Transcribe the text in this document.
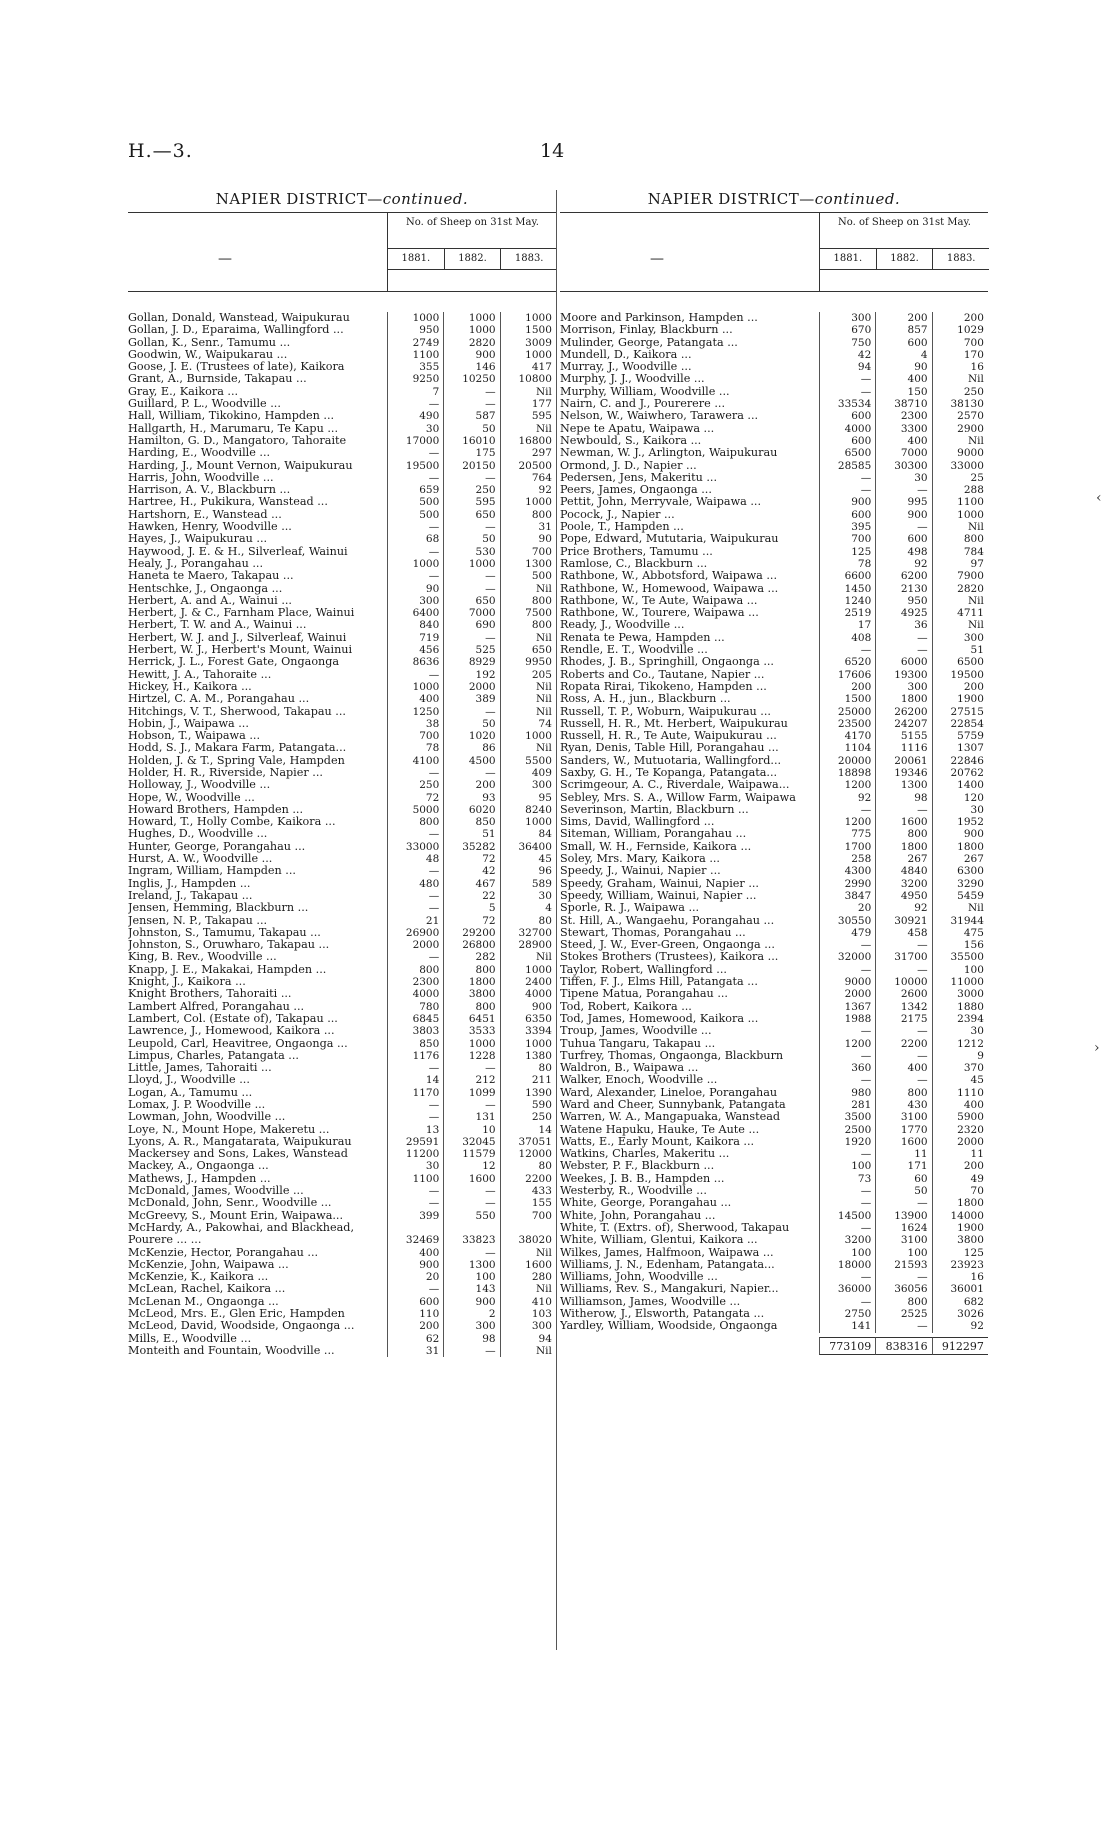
H.—3.	14
NAPIER DISTRICT—continued.
—
No. of Sheep on 31st May.
1881.	1882.	1883.
Gollan, Donald, Wanstead, Waipukurau	1000	1000	1000
Gollan, J. D., Eparaima, Wallingford ...	950	1000	1500
Gollan, K., Senr., Tamumu ...	2749	2820	3009
Goodwin, W., Waipukarau ...	1100	900	1000
Goose, J. E. (Trustees of late), Kaikora	355	146	417
Grant, A., Burnside, Takapau ...	9250	10250	10800
Gray, E., Kaikora ...	7	—	Nil
Guillard, P. L., Woodville ...	—	—	177
Hall, William, Tikokino, Hampden ...	490	587	595
Hallgarth, H., Marumaru, Te Kapu ...	30	50	Nil
Hamilton, G. D., Mangatoro, Tahoraite	17000	16010	16800
Harding, E., Woodville ...	—	175	297
Harding, J., Mount Vernon, Waipukurau	19500	20150	20500
Harris, John, Woodville ...	—	—	764
Harrison, A. V., Blackburn ...	659	250	92
Hartree, H., Pukikura, Wanstead ...	500	595	1000
Hartshorn, E., Wanstead ...	500	650	800
Hawken, Henry, Woodville ...	—	—	31
Hayes, J., Waipukurau ...	68	50	90
Haywood, J. E. & H., Silverleaf, Wainui	—	530	700
Healy, J., Porangahau ...	1000	1000	1300
Haneta te Maero, Takapau ...	—	—	500
Hentschke, J., Ongaonga ...	90	—	Nil
Herbert, A. and A., Wainui ...	300	650	800
Herbert, J. & C., Farnham Place, Wainui	6400	7000	7500
Herbert, T. W. and A., Wainui ...	840	690	800
Herbert, W. J. and J., Silverleaf, Wainui	719	—	Nil
Herbert, W. J., Herbert's Mount, Wainui	456	525	650
Herrick, J. L., Forest Gate, Ongaonga	8636	8929	9950
Hewitt, J. A., Tahoraite ...	—	192	205
Hickey, H., Kaikora ...	1000	2000	Nil
Hirtzel, C. A. M., Porangahau ...	400	389	Nil
Hitchings, V. T., Sherwood, Takapau ...	1250	—	Nil
Hobin, J., Waipawa ...	38	50	74
Hobson, T., Waipawa ...	700	1020	1000
Hodd, S. J., Makara Farm, Patangata...	78	86	Nil
Holden, J. & T., Spring Vale, Hampden	4100	4500	5500
Holder, H. R., Riverside, Napier ...	—	—	409
Holloway, J., Woodville ...	250	200	300
Hope, W., Woodville ...	72	93	95
Howard Brothers, Hampden ...	5000	6020	8240
Howard, T., Holly Combe, Kaikora ...	800	850	1000
Hughes, D., Woodville ...	—	51	84
Hunter, George, Porangahau ...	33000	35282	36400
Hurst, A. W., Woodville ...	48	72	45
Ingram, William, Hampden ...	—	42	96
Inglis, J., Hampden ...	480	467	589
Ireland, J., Takapau ...	—	22	30
Jensen, Hemming, Blackburn ...	—	5	4
Jensen, N. P., Takapau ...	21	72	80
Johnston, S., Tamumu, Takapau ...	26900	29200	32700
Johnston, S., Oruwharo, Takapau ...	2000	26800	28900
King, B. Rev., Woodville ...	—	282	Nil
Knapp, J. E., Makakai, Hampden ...	800	800	1000
Knight, J., Kaikora ...	2300	1800	2400
Knight Brothers, Tahoraiti ...	4000	3800	4000
Lambert Alfred, Porangahau ...	780	800	900
Lambert, Col. (Estate of), Takapau ...	6845	6451	6350
Lawrence, J., Homewood, Kaikora ...	3803	3533	3394
Leupold, Carl, Heavitree, Ongaonga ...	850	1000	1000
Limpus, Charles, Patangata ...	1176	1228	1380
Little, James, Tahoraiti ...	—	—	80
Lloyd, J., Woodville ...	14	212	211
Logan, A., Tamumu ...	1170	1099	1390
Lomax, J. P. Woodville ...	—	—	590
Lowman, John, Woodville ...	—	131	250
Loye, N., Mount Hope, Makeretu ...	13	10	14
Lyons, A. R., Mangatarata, Waipukurau	29591	32045	37051
Mackersey and Sons, Lakes, Wanstead	11200	11579	12000
Mackey, A., Ongaonga ...	30	12	80
Mathews, J., Hampden ...	1100	1600	2200
McDonald, James, Woodville ...	—	—	433
McDonald, John, Senr., Woodville ...	—	—	155
McGreevy, S., Mount Erin, Waipawa...	399	550	700
McHardy, A., Pakowhai, and Blackhead,
Pourere ... ...	32469	33823	38020
McKenzie, Hector, Porangahau ...	400	—	Nil
McKenzie, John, Waipawa ...	900	1300	1600
McKenzie, K., Kaikora ...	20	100	280
McLean, Rachel, Kaikora ...	—	143	Nil
McLenan M., Ongaonga ...	600	900	410
McLeod, Mrs. E., Glen Eric, Hampden	110	2	103
McLeod, David, Woodside, Ongaonga ...	200	300	300
Mills, E., Woodville ...	62	98	94
Monteith and Fountain, Woodville ...	31	—	Nil
NAPIER DISTRICT—continued.
—
No. of Sheep on 31st May.
1881.	1882.	1883.
Moore and Parkinson, Hampden ...	300	200	200
Morrison, Finlay, Blackburn ...	670	857	1029
Mulinder, George, Patangata ...	750	600	700
Mundell, D., Kaikora ...	42	4	170
Murray, J., Woodville ...	94	90	16
Murphy, J. J., Woodville ...	—	400	Nil
Murphy, William, Woodville ...	—	150	250
Nairn, C. and J., Pourerere ...	33534	38710	38130
Nelson, W., Waiwhero, Tarawera ...	600	2300	2570
Nepe te Apatu, Waipawa ...	4000	3300	2900
Newbould, S., Kaikora ...	600	400	Nil
Newman, W. J., Arlington, Waipukurau	6500	7000	9000
Ormond, J. D., Napier ...	28585	30300	33000
Pedersen, Jens, Makeritu ...	—	30	25
Peers, James, Ongaonga ...	—	—	288
Pettit, John, Merryvale, Waipawa ...	900	995	1100
Pocock, J., Napier ...	600	900	1000
Poole, T., Hampden ...	395	—	Nil
Pope, Edward, Mututaria, Waipukurau	700	600	800
Price Brothers, Tamumu ...	125	498	784
Ramlose, C., Blackburn ...	78	92	97
Rathbone, W., Abbotsford, Waipawa ...	6600	6200	7900
Rathbone, W., Homewood, Waipawa ...	1450	2130	2820
Rathbone, W., Te Aute, Waipawa ...	1240	950	Nil
Rathbone, W., Tourere, Waipawa ...	2519	4925	4711
Ready, J., Woodville ...	17	36	Nil
Renata te Pewa, Hampden ...	408	—	300
Rendle, E. T., Woodville ...	—	—	51
Rhodes, J. B., Springhill, Ongaonga ...	6520	6000	6500
Roberts and Co., Tautane, Napier ...	17606	19300	19500
Ropata Rirai, Tikokeno, Hampden ...	200	300	200
Ross, A. H., jun., Blackburn ...	1500	1800	1900
Russell, T. P., Woburn, Waipukurau ...	25000	26200	27515
Russell, H. R., Mt. Herbert, Waipukurau	23500	24207	22854
Russell, H. R., Te Aute, Waipukurau ...	4170	5155	5759
Ryan, Denis, Table Hill, Porangahau ...	1104	1116	1307
Sanders, W., Mutuotaria, Wallingford...	20000	20061	22846
Saxby, G. H., Te Kopanga, Patangata...	18898	19346	20762
Scrimgeour, A. C., Riverdale, Waipawa...	1200	1300	1400
Sebley, Mrs. S. A., Willow Farm, Waipawa	92	98	120
Severinson, Martin, Blackburn ...	—	—	30
Sims, David, Wallingford ...	1200	1600	1952
Siteman, William, Porangahau ...	775	800	900
Small, W. H., Fernside, Kaikora ...	1700	1800	1800
Soley, Mrs. Mary, Kaikora ...	258	267	267
Speedy, J., Wainui, Napier ...	4300	4840	6300
Speedy, Graham, Wainui, Napier ...	2990	3200	3290
Speedy, William, Wainui, Napier ...	3847	4950	5459
Sporle, R. J., Waipawa ...	20	92	Nil
St. Hill, A., Wangaehu, Porangahau ...	30550	30921	31944
Stewart, Thomas, Porangahau ...	479	458	475
Steed, J. W., Ever-Green, Ongaonga ...	—	—	156
Stokes Brothers (Trustees), Kaikora ...	32000	31700	35500
Taylor, Robert, Wallingford ...	—	—	100
Tiffen, F. J., Elms Hill, Patangata ...	9000	10000	11000
Tipene Matua, Porangahau ...	2000	2600	3000
Tod, Robert, Kaikora ...	1367	1342	1880
Tod, James, Homewood, Kaikora ...	1988	2175	2394
Troup, James, Woodville ...	—	—	30
Tuhua Tangaru, Takapau ...	1200	2200	1212
Turfrey, Thomas, Ongaonga, Blackburn	—	—	9
Waldron, B., Waipawa ...	360	400	370
Walker, Enoch, Woodville ...	—	—	45
Ward, Alexander, Lineloe, Porangahau	980	800	1110
Ward and Cheer, Sunnybank, Patangata	281	430	400
Warren, W. A., Mangapuaka, Wanstead	3500	3100	5900
Watene Hapuku, Hauke, Te Aute ...	2500	1770	2320
Watts, E., Early Mount, Kaikora ...	1920	1600	2000
Watkins, Charles, Makeritu ...	—	11	11
Webster, P. F., Blackburn ...	100	171	200
Weekes, J. B. B., Hampden ...	73	60	49
Westerby, R., Woodville ...	—	50	70
White, George, Porangahau ...	—	—	1800
White, John, Porangahau ...	14500	13900	14000
White, T. (Extrs. of), Sherwood, Takapau	—	1624	1900
White, William, Glentui, Kaikora ...	3200	3100	3800
Wilkes, James, Halfmoon, Waipawa ...	100	100	125
Williams, J. N., Edenham, Patangata...	18000	21593	23923
Williams, John, Woodville ...	—	—	16
Williams, Rev. S., Mangakuri, Napier...	36000	36056	36001
Williamson, James, Woodville ...	—	800	682
Witherow, J., Elsworth, Patangata ...	2750	2525	3026
Yardley, William, Woodside, Ongaonga	141	—	92
773109	838316	912297
‹
›
